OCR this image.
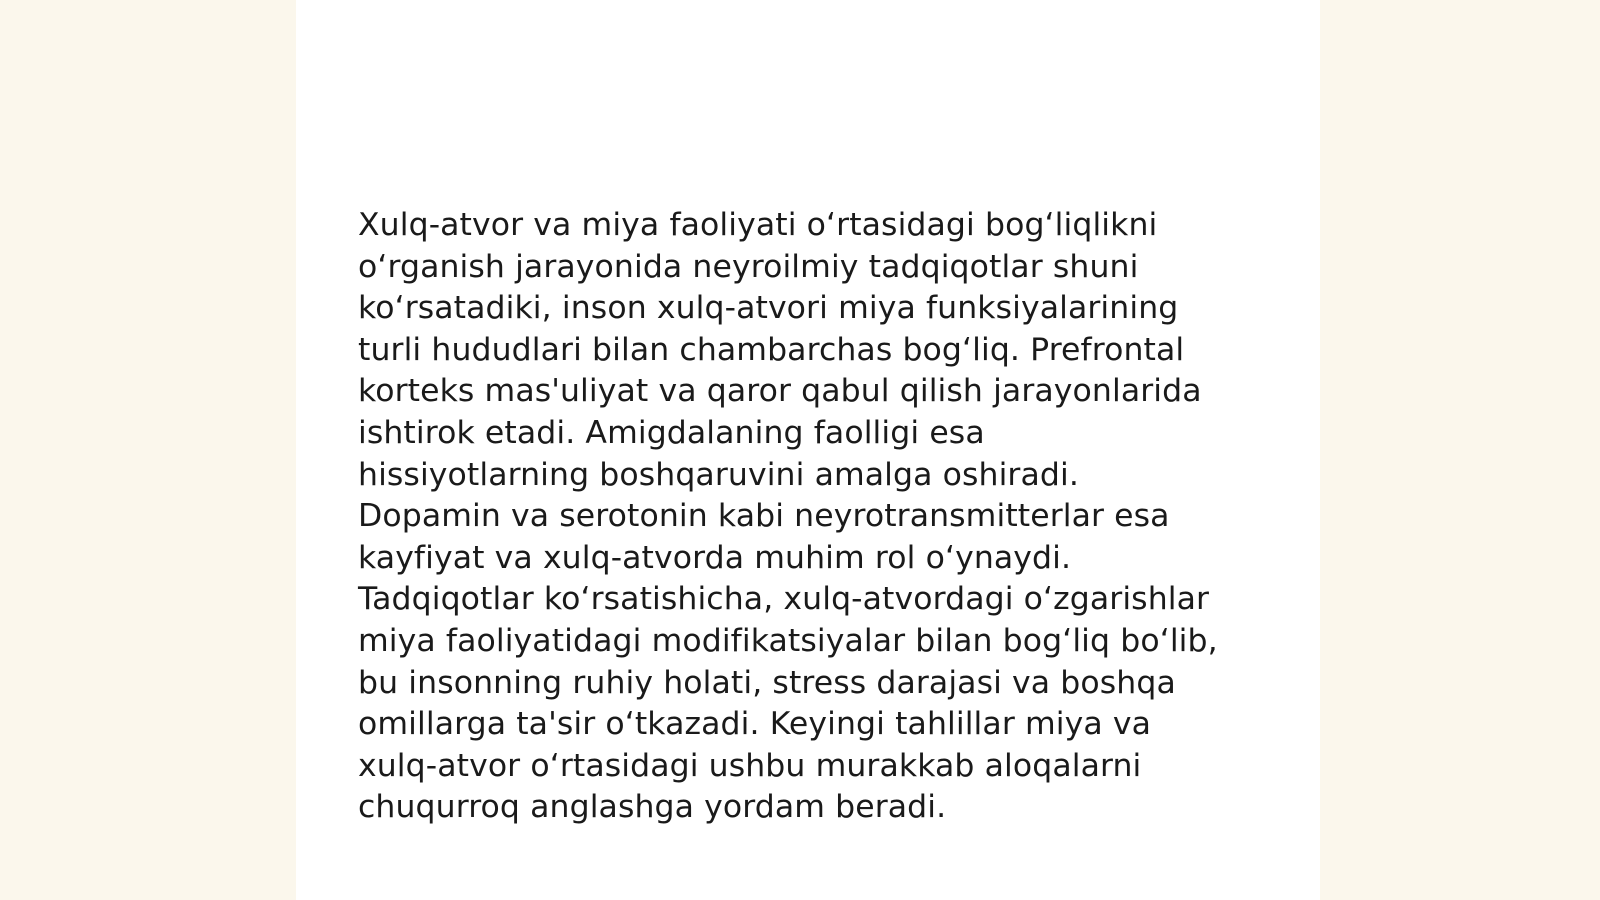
Xulq-atvor va miya faoliyati o‘rtasidagi bog‘liqlikni
o‘rganish jarayonida neyroilmiy tadqiqotlar shuni
ko‘rsatadiki, inson xulq-atvori miya funksiyalarining
turli hududlari bilan chambarchas bog‘liq. Prefrontal
korteks mas'uliyat va qaror qabul qilish jarayonlarida
ishtirok etadi. Amigdalaning faolligi esa
hissiyotlarning boshqaruvini amalga oshiradi.
Dopamin va serotonin kabi neyrotransmitterlar esa
kayfiyat va xulq-atvorda muhim rol o‘ynaydi.
Tadqiqotlar ko‘rsatishicha, xulq-atvordagi o‘zgarishlar
miya faoliyatidagi modifikatsiyalar bilan bog‘liq bo‘lib,
bu insonning ruhiy holati, stress darajasi va boshqa
omillarga ta'sir o‘tkazadi. Keyingi tahlillar miya va
xulq-atvor o‘rtasidagi ushbu murakkab aloqalarni
chuqurroq anglashga yordam beradi.
